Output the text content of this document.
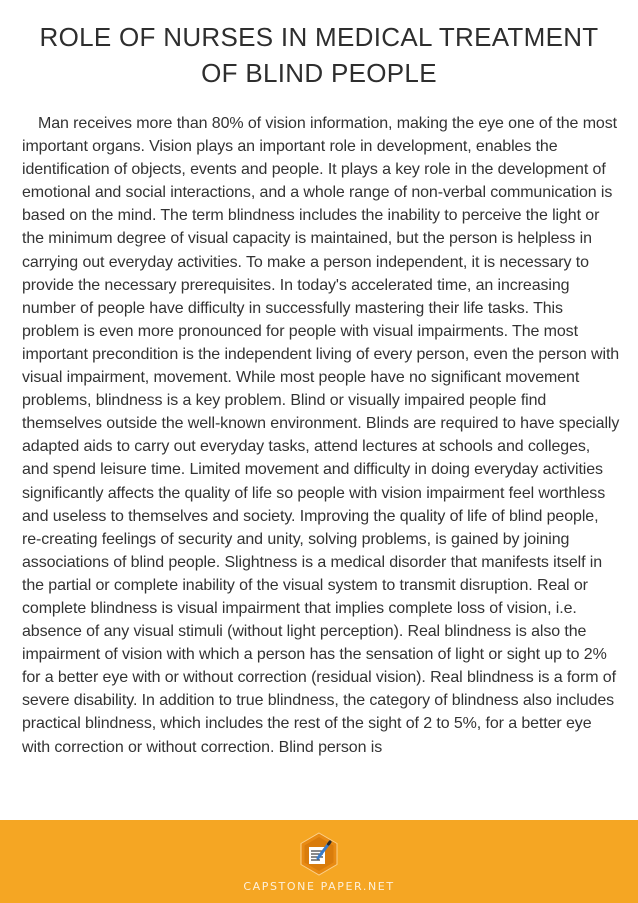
ROLE OF NURSES IN MEDICAL TREATMENT OF BLIND PEOPLE

Man receives more than 80% of vision information, making the eye one of the most important organs. Vision plays an important role in development, enables the identification of objects, events and people. It plays a key role in the development of emotional and social interactions, and a whole range of non-verbal communication is based on the mind. The term blindness includes the inability to perceive the light or the minimum degree of visual capacity is maintained, but the person is helpless in carrying out everyday activities. To make a person independent, it is necessary to provide the necessary prerequisites. In today's accelerated time, an increasing number of people have difficulty in successfully mastering their life tasks. This problem is even more pronounced for people with visual impairments. The most important precondition is the independent living of every person, even the person with visual impairment, movement. While most people have no significant movement problems, blindness is a key problem. Blind or visually impaired people find themselves outside the well-known environment. Blinds are required to have specially adapted aids to carry out everyday tasks, attend lectures at schools and colleges, and spend leisure time. Limited movement and difficulty in doing everyday activities significantly affects the quality of life so people with vision impairment feel worthless and useless to themselves and society. Improving the quality of life of blind people, re-creating feelings of security and unity, solving problems, is gained by joining associations of blind people. Slightness is a medical disorder that manifests itself in the partial or complete inability of the visual system to transmit disruption. Real or complete blindness is visual impairment that implies complete loss of vision, i.e. absence of any visual stimuli (without light perception). Real blindness is also the impairment of vision with which a person has the sensation of light or sight up to 2% for a better eye with or without correction (residual vision). Real blindness is a form of severe disability. In addition to true blindness, the category of blindness also includes practical blindness, which includes the rest of the sight of 2 to 5%, for a better eye with correction or without correction. Blind person is

CAPSTONE PAPER.NET
